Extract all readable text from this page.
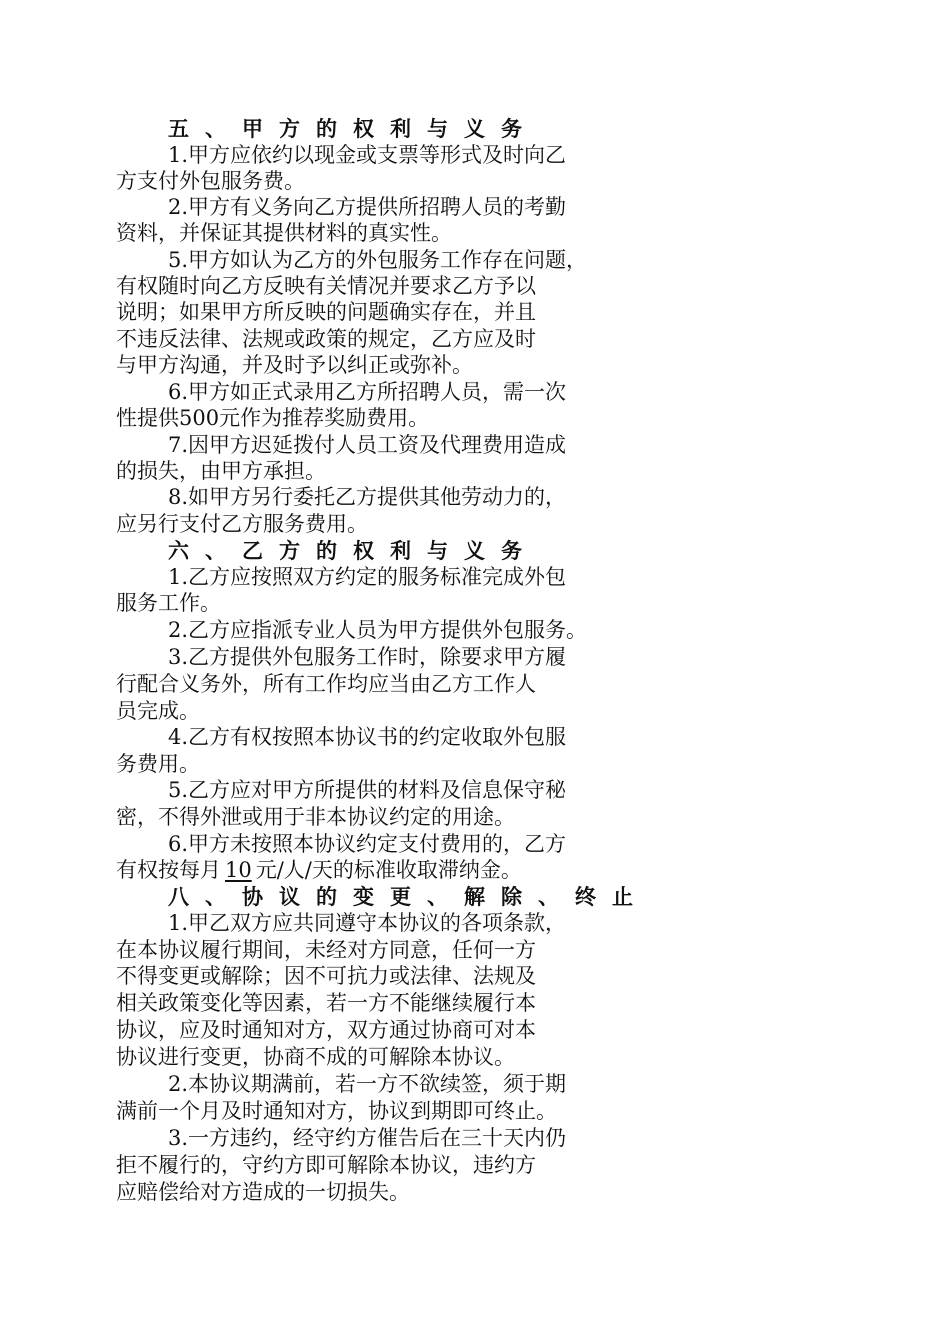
五、甲方的权利与义务
1.甲方应依约以现金或支票等形式及时向乙
方支付外包服务费。
2.甲方有义务向乙方提供所招聘人员的考勤
资料，并保证其提供材料的真实性。
5.甲方如认为乙方的外包服务工作存在问题，
有权随时向乙方反映有关情况并要求乙方予以
说明；如果甲方所反映的问题确实存在，并且
不违反法律、法规或政策的规定，乙方应及时
与甲方沟通，并及时予以纠正或弥补。
6.甲方如正式录用乙方所招聘人员，需一次
性提供500元作为推荐奖励费用。
7.因甲方迟延拨付人员工资及代理费用造成
的损失，由甲方承担。
8.如甲方另行委托乙方提供其他劳动力的，
应另行支付乙方服务费用。
六、乙方的权利与义务
1.乙方应按照双方约定的服务标准完成外包
服务工作。
2.乙方应指派专业人员为甲方提供外包服务。
3.乙方提供外包服务工作时，除要求甲方履
行配合义务外，所有工作均应当由乙方工作人
员完成。
4.乙方有权按照本协议书的约定收取外包服
务费用。
5.乙方应对甲方所提供的材料及信息保守秘
密，不得外泄或用于非本协议约定的用途。
6.甲方未按照本协议约定支付费用的，乙方
有权按每月 10 元/人/天的标准收取滞纳金。
八、协议的变更、解除、终止
1.甲乙双方应共同遵守本协议的各项条款，
在本协议履行期间，未经对方同意，任何一方
不得变更或解除；因不可抗力或法律、法规及
相关政策变化等因素，若一方不能继续履行本
协议，应及时通知对方，双方通过协商可对本
协议进行变更，协商不成的可解除本协议。
2.本协议期满前，若一方不欲续签，须于期
满前一个月及时通知对方，协议到期即可终止。
3.一方违约，经守约方催告后在三十天内仍
拒不履行的，守约方即可解除本协议，违约方
应赔偿给对方造成的一切损失。
